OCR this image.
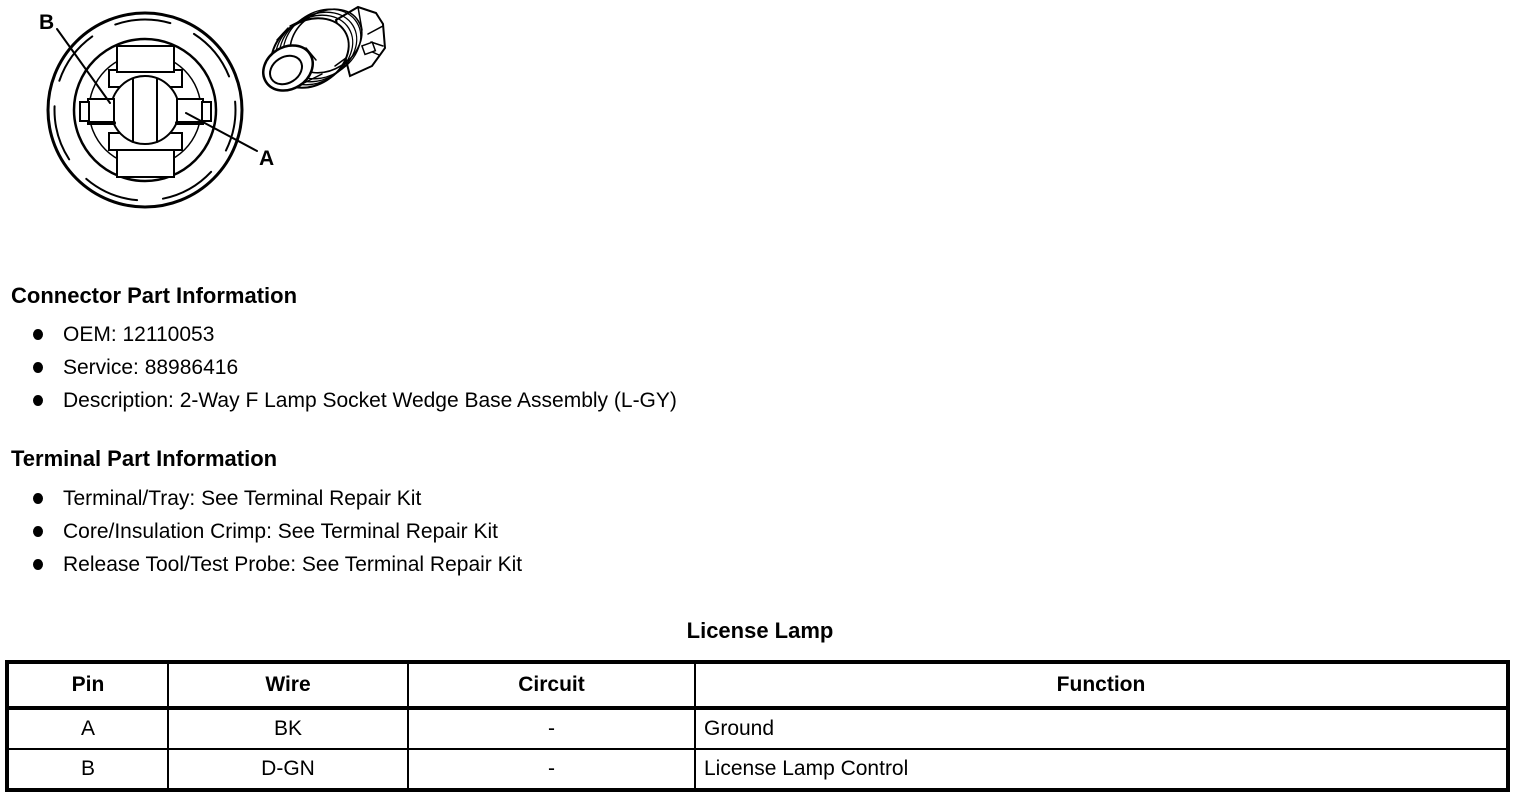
B
A
Connector Part Information
OEM: 12110053
Service: 88986416
Description: 2-Way F Lamp Socket Wedge Base Assembly (L-GY)
Terminal Part Information
Terminal/Tray: See Terminal Repair Kit
Core/Insulation Crimp: See Terminal Repair Kit
Release Tool/Test Probe: See Terminal Repair Kit
License Lamp
Pin	Wire	Circuit	Function
A	BK	-	Ground
B	D-GN	-	License Lamp Control
